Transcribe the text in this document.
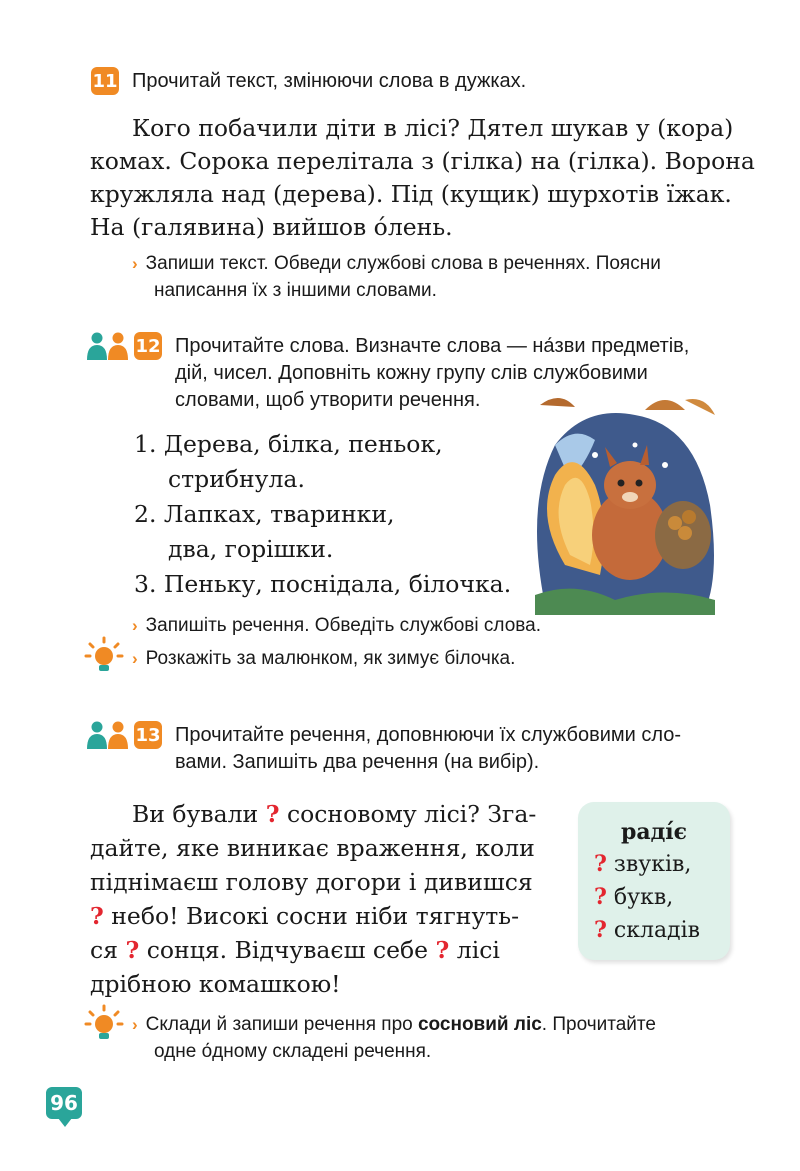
11 Прочитай текст, змінюючи слова в дужках.
Кого побачили діти в лісі? Дятел шукав у (кора)
комах. Сорока перелітала з (гілка) на (гілка). Ворона
кружляла над (дерева). Під (кущик) шурхотів їжак.
На (галявина) вийшов о́лень.
› Запиши текст. Обведи службові слова в реченнях. Поясни
написання їх з іншими словами.
12 Прочитайте слова. Визначте слова — на́зви предметів,
дій, чисел. Доповніть кожну групу слів службовими
словами, щоб утворити речення.
1. Дерева, білка, пеньок,
стрибнула.
2. Лапках, тваринки,
два, горішки.
3. Пеньку, поснідала, білочка.
› Запишіть речення. Обведіть службові слова.
› Розкажіть за малюнком, як зимує білочка.
13 Прочитайте речення, доповнюючи їх службовими сло-
вами. Запишіть два речення (на вибір).
Ви бували ? сосновому лісі? Зга-
дайте, яке виникає враження, коли
піднімаєш голову догори і дивишся
? небо! Високі сосни ніби тягнуть-
ся ? сонця. Відчуваєш себе ? лісі
дрібною комашкою!
раді́є
? звуків,
? букв,
? складів
› Склади й запиши речення про сосновий ліс. Прочитайте
одне о́дному складені речення.
96
